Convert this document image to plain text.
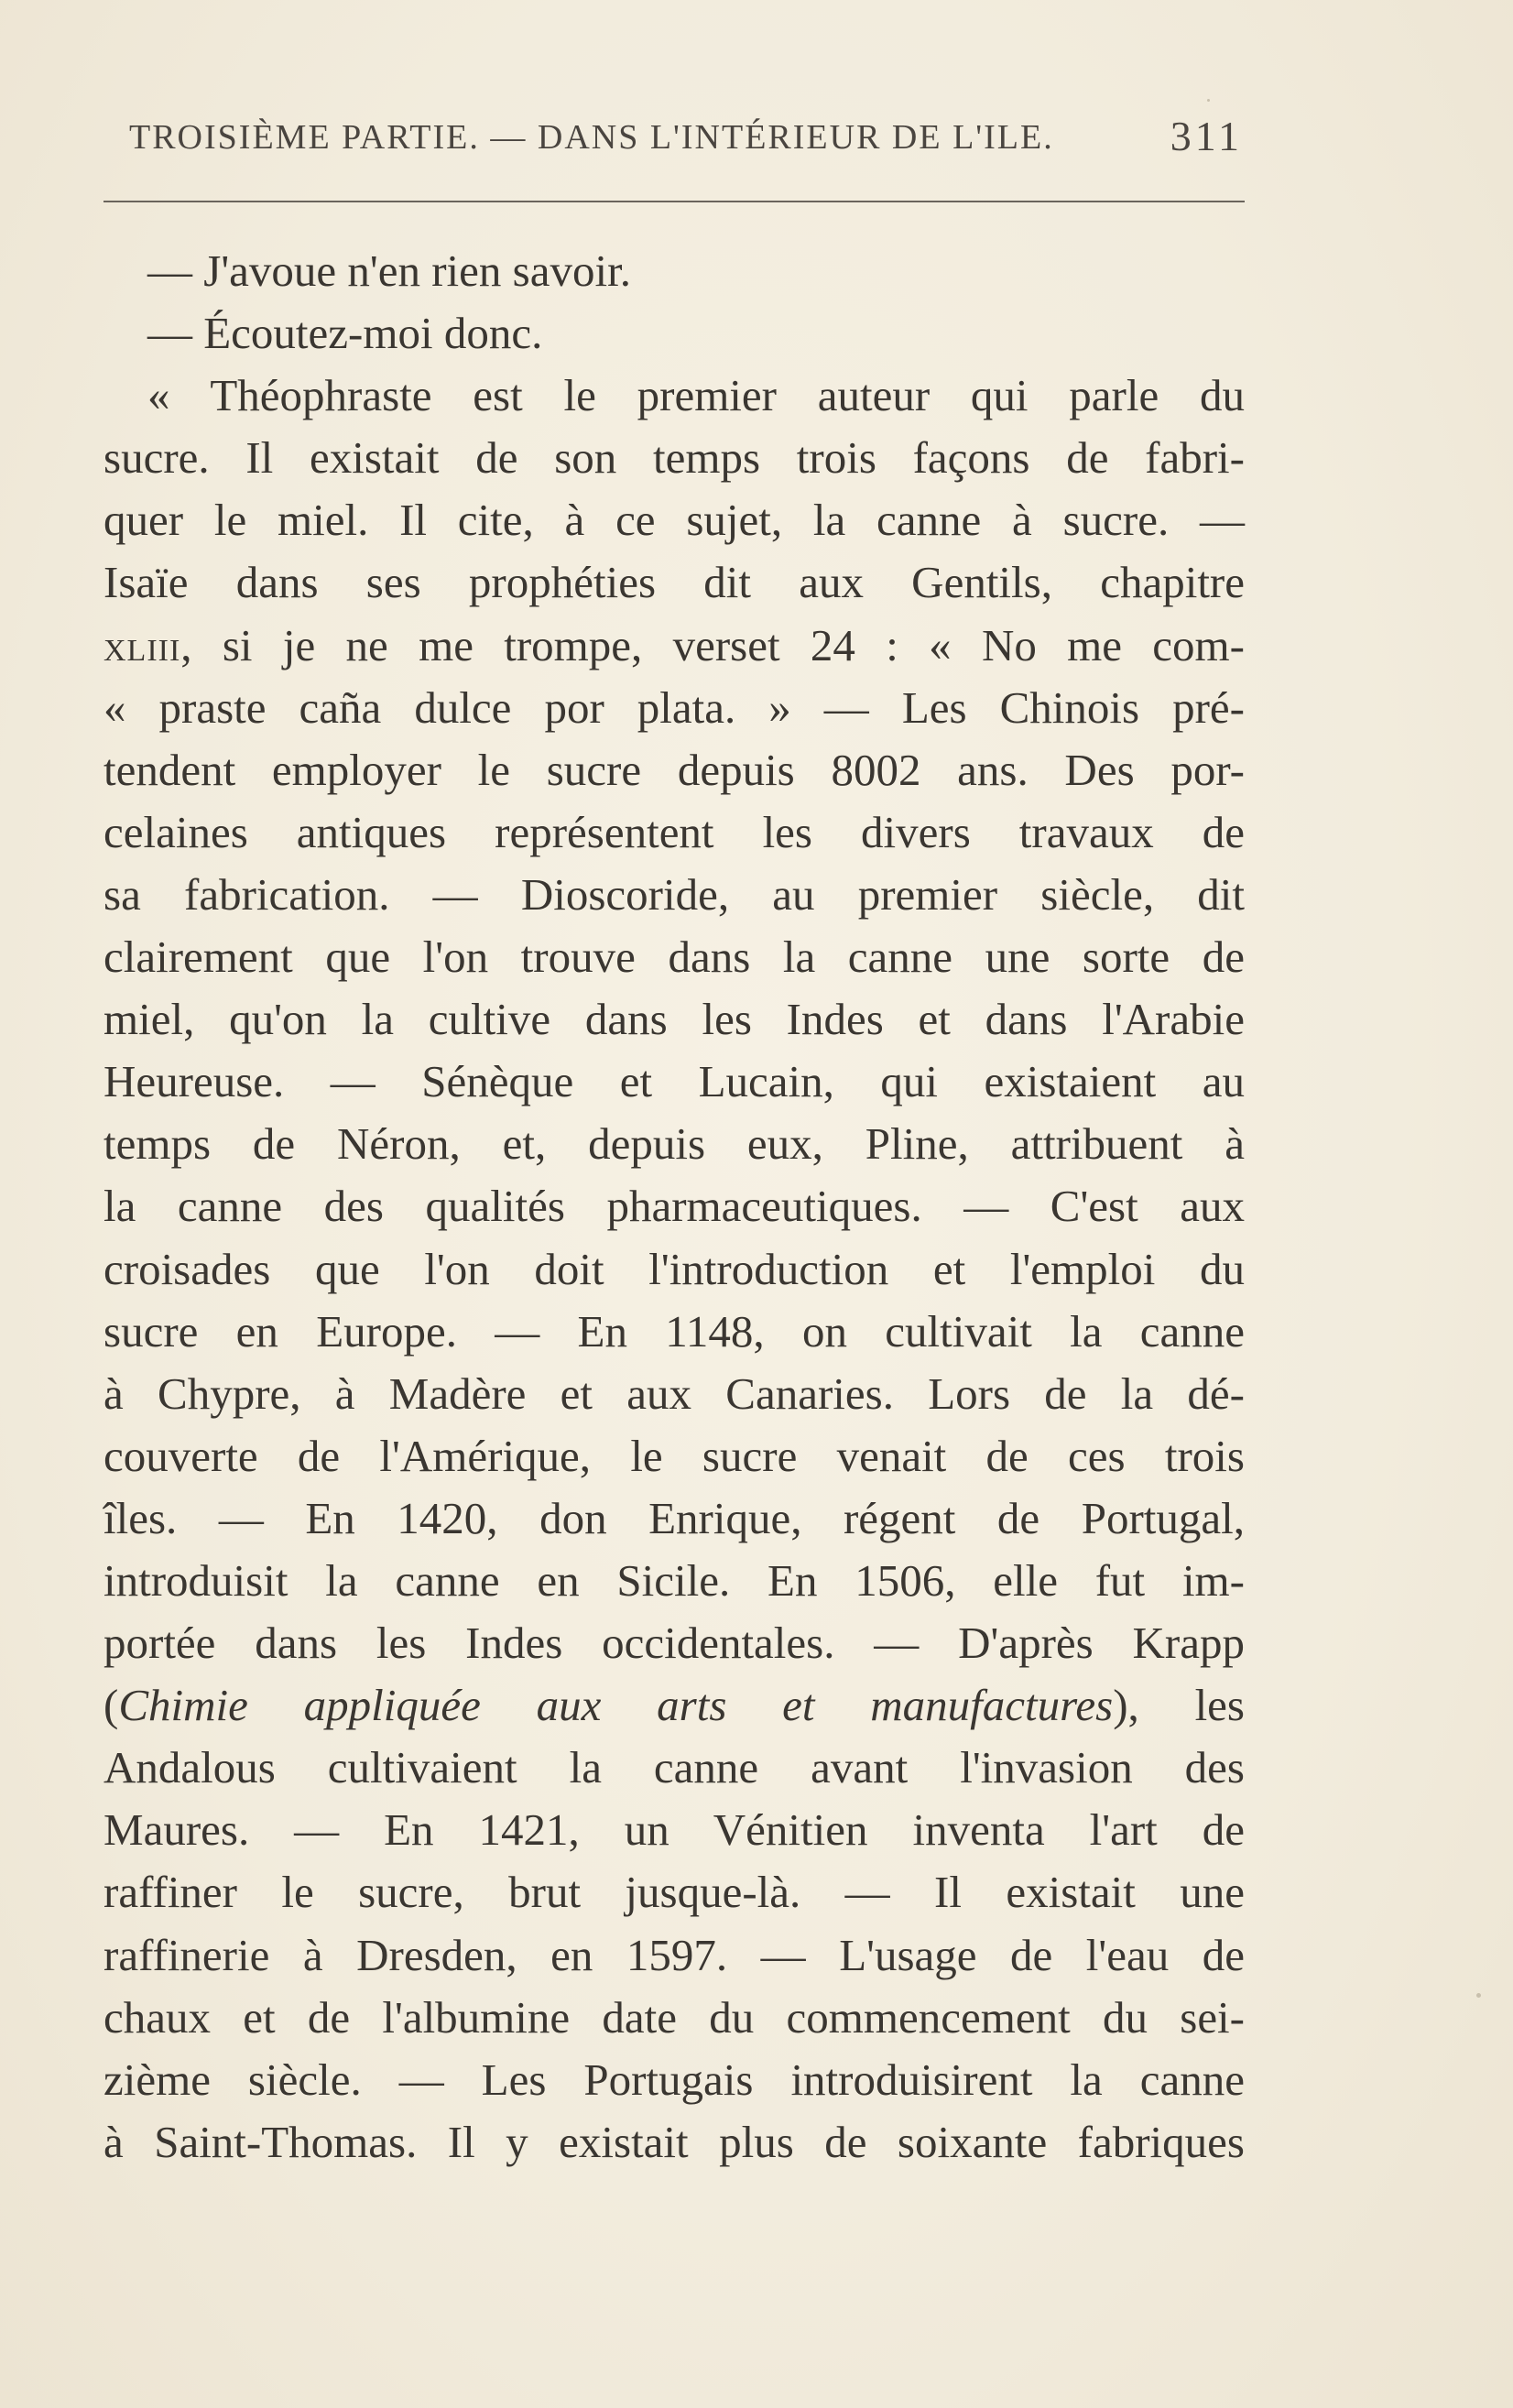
TROISIÈME PARTIE. — DANS L'INTÉRIEUR DE L'ILE.	311
— J'avoue n'en rien savoir.
— Écoutez-moi donc.
« Théophraste est le premier auteur qui parle du
sucre. Il existait de son temps trois façons de fabri-
quer le miel. Il cite, à ce sujet, la canne à sucre. —
Isaïe dans ses prophéties dit aux Gentils, chapitre
xliii, si je ne me trompe, verset 24 : « No me com-
« praste caña dulce por plata. » — Les Chinois pré-
tendent employer le sucre depuis 8002 ans. Des por-
celaines antiques représentent les divers travaux de
sa fabrication. — Dioscoride, au premier siècle, dit
clairement que l'on trouve dans la canne une sorte de
miel, qu'on la cultive dans les Indes et dans l'Arabie
Heureuse. — Sénèque et Lucain, qui existaient au
temps de Néron, et, depuis eux, Pline, attribuent à
la canne des qualités pharmaceutiques. — C'est aux
croisades que l'on doit l'introduction et l'emploi du
sucre en Europe. — En 1148, on cultivait la canne
à Chypre, à Madère et aux Canaries. Lors de la dé-
couverte de l'Amérique, le sucre venait de ces trois
îles. — En 1420, don Enrique, régent de Portugal,
introduisit la canne en Sicile. En 1506, elle fut im-
portée dans les Indes occidentales. — D'après Krapp
(Chimie appliquée aux arts et manufactures), les
Andalous cultivaient la canne avant l'invasion des
Maures. — En 1421, un Vénitien inventa l'art de
raffiner le sucre, brut jusque-là. — Il existait une
raffinerie à Dresden, en 1597. — L'usage de l'eau de
chaux et de l'albumine date du commencement du sei-
zième siècle. — Les Portugais introduisirent la canne
à Saint-Thomas. Il y existait plus de soixante fabriques
